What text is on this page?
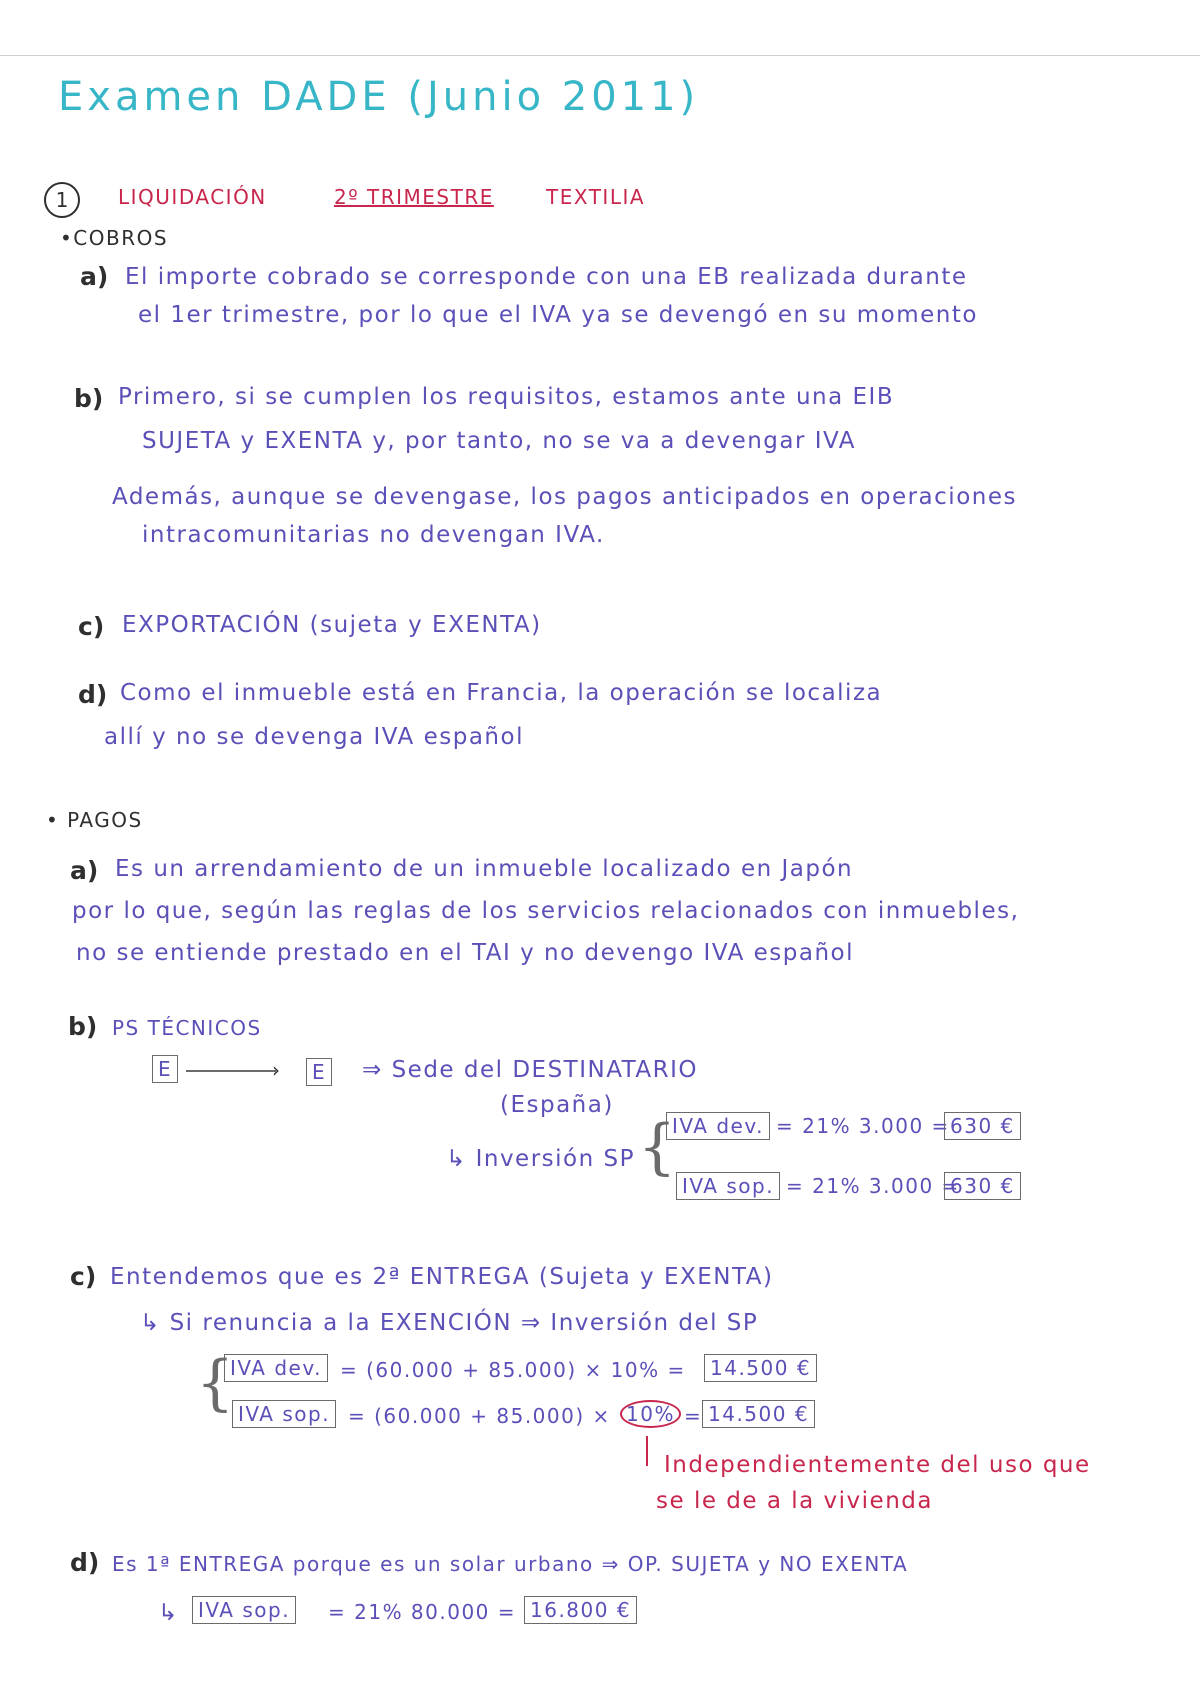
Examen DADE (Junio 2011)
1	LIQUIDACIÓN	2º TRIMESTRE	TEXTILIA
•COBROS
a) El importe cobrado se corresponde con una EB realizada durante
el 1er trimestre, por lo que el IVA ya se devengó en su momento
b) Primero, si se cumplen los requisitos, estamos ante una EIB
SUJETA y EXENTA y, por tanto, no se va a devengar IVA
Además, aunque se devengase, los pagos anticipados en operaciones
intracomunitarias no devengan IVA.
c) EXPORTACIÓN (sujeta y EXENTA)
d) Como el inmueble está en Francia, la operación se localiza
allí y no se devenga IVA español
• PAGOS
a) Es un arrendamiento de un inmueble localizado en Japón
por lo que, según las reglas de los servicios relacionados con inmuebles,
no se entiende prestado en el TAI y no devengo IVA español
b) PS TÉCNICOS
E	›	E ⇒ Sede del DESTINATARIO
(España)
↳ Inversión SP {
IVA dev. = 21% 3.000 = 630 €
IVA sop. = 21% 3.000 =
630 €
c) Entendemos que es 2ª ENTREGA (Sujeta y EXENTA)
↳ Si renuncia a la EXENCIÓN ⇒ Inversión del SP
{
IVA dev. = (60.000 + 85.000) × 10% =	14.500 €
IVA sop. = (60.000 + 85.000) × 10% = 14.500 €
Independientemente del uso que
se le de a la vivienda
d) Es 1ª ENTREGA porque es un solar urbano ⇒ OP. SUJETA y NO EXENTA
↳ IVA sop.	= 21% 80.000 = 16.800 €
